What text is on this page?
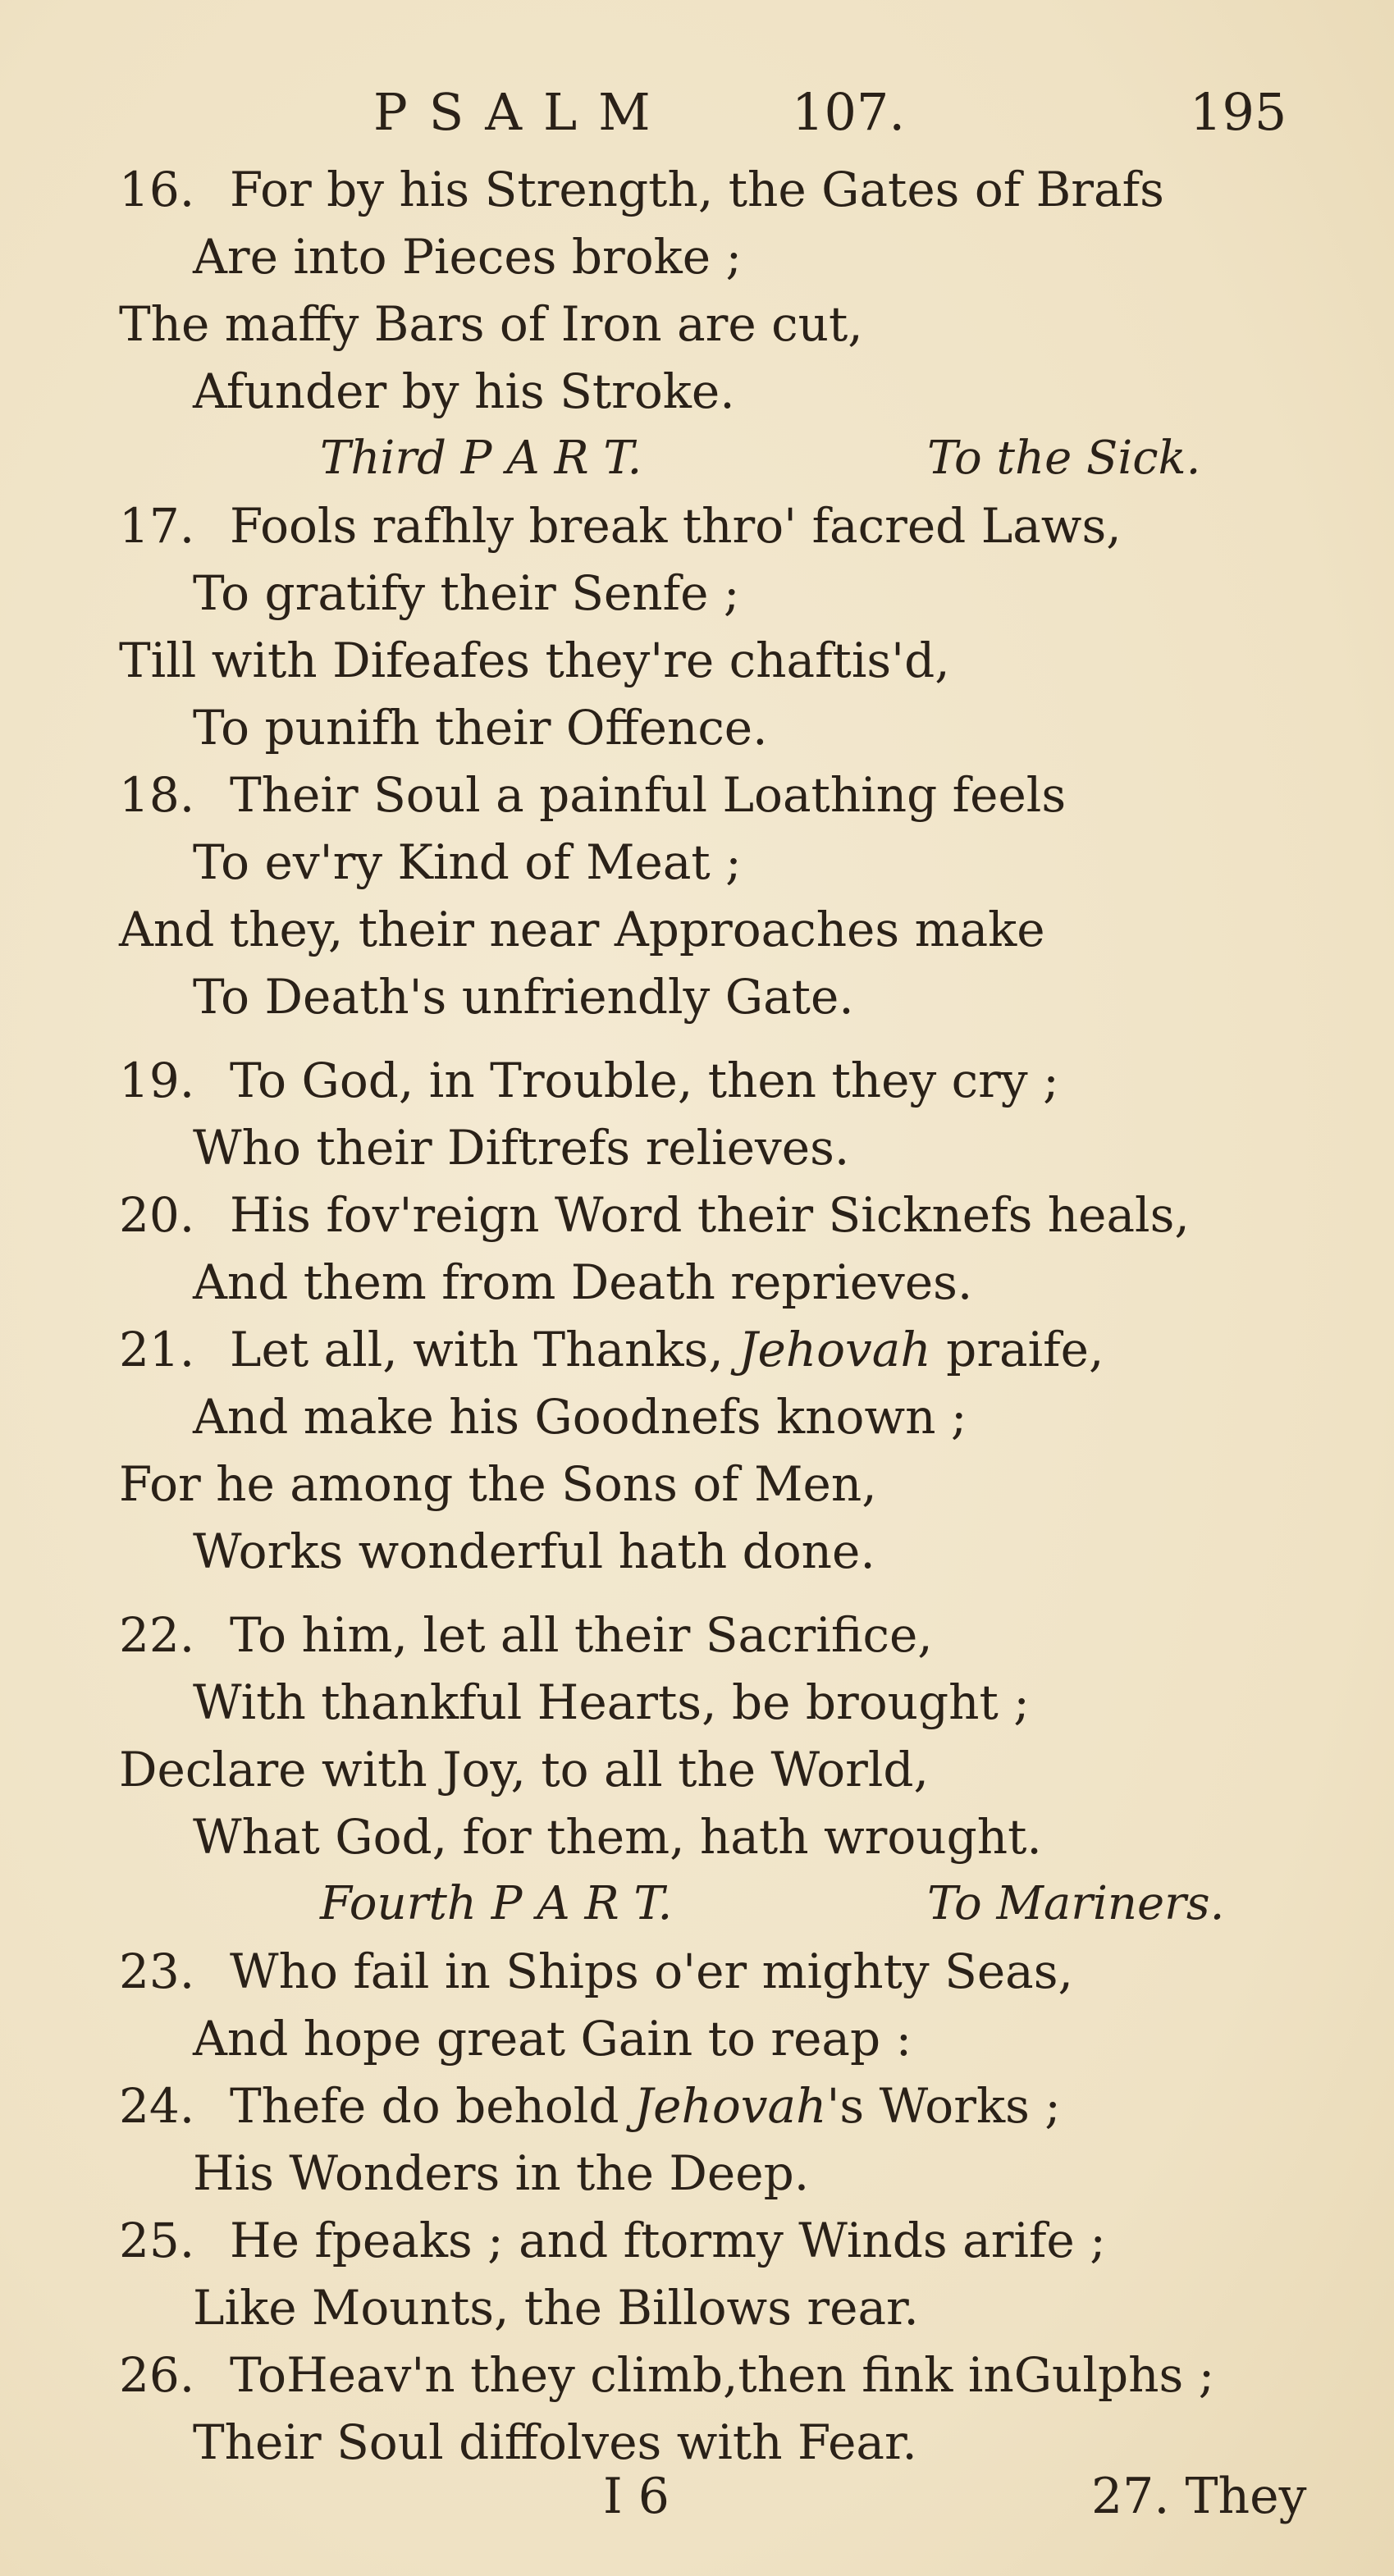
PSALM 107.	195
16. For by his Strength, the Gates of Brafs
Are into Pieces broke ;
The maffy Bars of Iron are cut,
Afunder by his Stroke.
Third P A R T.	To the Sick.
17. Fools rafhly break thro' facred Laws,
To gratify their Senfe ;
Till with Difeafes they're chaftis'd,
To punifh their Offence.
18. Their Soul a painful Loathing feels
To ev'ry Kind of Meat ;
And they, their near Approaches make
To Death's unfriendly Gate.
19. To God, in Trouble, then they cry ;
Who their Diftrefs relieves.
20. His fov'reign Word their Sicknefs heals,
And them from Death reprieves.
21. Let all, with Thanks, Jehovah praife,
And make his Goodnefs known ;
For he among the Sons of Men,
Works wonderful hath done.
22. To him, let all their Sacrifice,
With thankful Hearts, be brought ;
Declare with Joy, to all the World,
What God, for them, hath wrought.
Fourth P A R T.	To Mariners.
23. Who fail in Ships o'er mighty Seas,
And hope great Gain to reap :
24. Thefe do behold Jehovah's Works ;
His Wonders in the Deep.
25. He fpeaks ; and ftormy Winds arife ;
Like Mounts, the Billows rear.
26. ToHeav'n they climb,then fink inGulphs ;
Their Soul diffolves with Fear.
I 6	27. They
